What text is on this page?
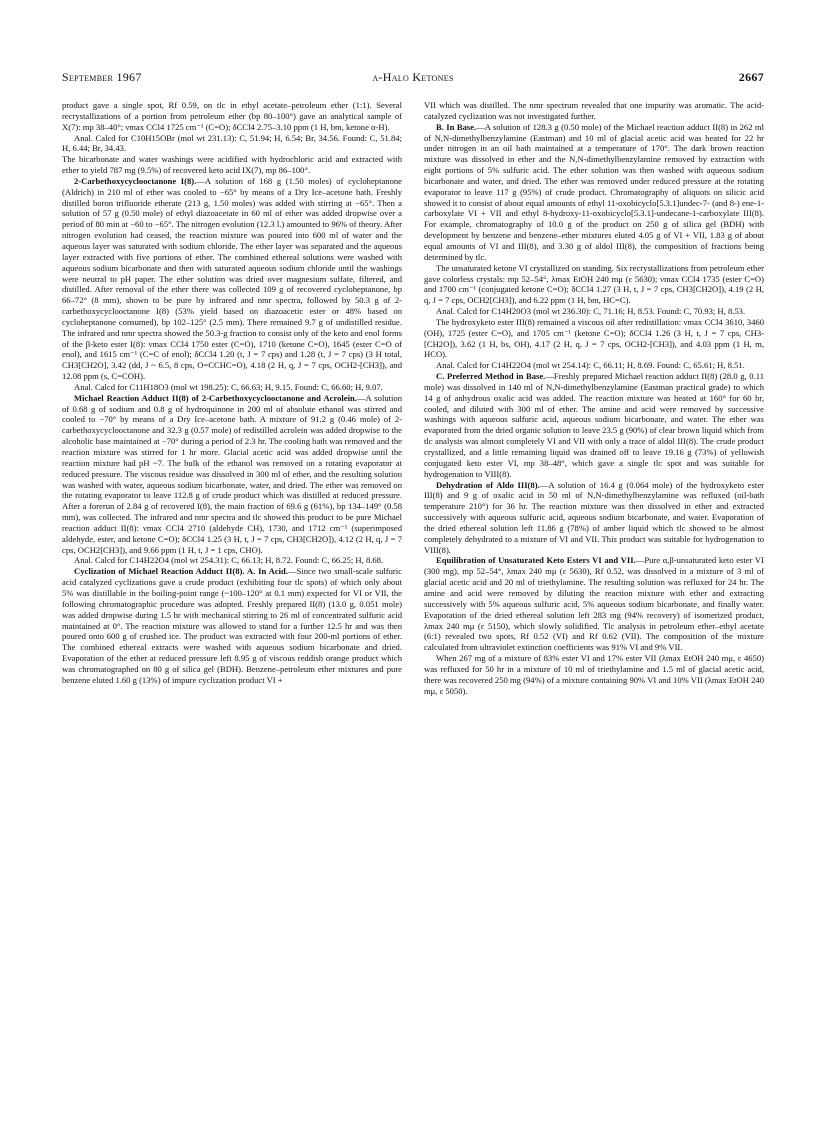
September 1967	α-Halo Ketones	2667

product gave a single spot, Rf 0.59, on tlc in ethyl acetate–petroleum ether (1:1). Several recrystallizations of a portion from petroleum ether (bp 80–100°) gave an analytical sample of X(7): mp 38–40°; νmax CCl4 1725 cm⁻¹ (C=O); δCCl4 2.75–3.10 ppm (1 H, bm, ketone α-H).

Anal. Calcd for C10H15OBr (mol wt 231.13): C, 51.94; H, 6.54; Br, 34.56. Found: C, 51.84; H, 6.44; Br, 34.43.

The bicarbonate and water washings were acidified with hydrochloric acid and extracted with ether to yield 787 mg (9.5%) of recovered keto acid IX(7), mp 86–100°.

2-Carbethoxycyclooctanone I(8).—A solution of 168 g (1.50 moles) of cycloheptanone (Aldrich) in 210 ml of ether was cooled to −65° by means of a Dry Ice–acetone bath. Freshly distilled boron trifluoride etherate (213 g, 1.50 moles) was added with stirring at −65°. Then a solution of 57 g (0.50 mole) of ethyl diazoacetate in 60 ml of ether was added dropwise over a period of 80 min at −60 to −65°. The nitrogen evolution (12.3 l.) amounted to 96% of theory. After nitrogen evolution had ceased, the reaction mixture was poured into 600 ml of water and the aqueous layer was saturated with sodium chloride. The ether layer was separated and the aqueous layer extracted with five portions of ether. The combined ethereal solutions were washed with aqueous sodium bicarbonate and then with saturated aqueous sodium chloride until the washings were neutral to pH paper. The ether solution was dried over magnesium sulfate, filtered, and distilled. After removal of the ether there was collected 109 g of recovered cycloheptanone, bp 66–72° (8 mm), shown to be pure by infrared and nmr spectra, followed by 50.3 g of 2-carbethoxycyclooctanone I(8) (53% yield based on diazoacetic ester or 48% based on cycloheptanone consumed), bp 102–125° (2.5 mm). There remained 9.7 g of undistilled residue. The infrared and nmr spectra showed the 50.3-g fraction to consist only of the keto and enol forms of the β-keto ester I(8): νmax CCl4 1750 ester (C=O), 1710 (ketone C=O), 1645 (ester C=O of enol), and 1615 cm⁻¹ (C=C of enol); δCCl4 1.20 (t, J = 7 cps) and 1.28 (t, J = 7 cps) (3 H total, CH3[CH2O], 3.42 (dd, J ~ 6.5, 8 cps, O=CCHC=O), 4.18 (2 H, q, J = 7 cps, OCH2-[CH3]), and 12.08 ppm (s, C=COH).

Anal. Calcd for C11H18O3 (mol wt 198.25): C, 66.63; H, 9.15. Found: C, 66.60; H, 9.07.

Michael Reaction Adduct II(8) of 2-Carbethoxycyclooctanone and Acrolein.—A solution of 0.68 g of sodium and 0.8 g of hydroquinone in 200 ml of absolute ethanol was stirred and cooled to −70° by means of a Dry Ice–acetone bath. A mixture of 91.2 g (0.46 mole) of 2-carbethoxycyclooctanone and 32.3 g (0.57 mole) of redistilled acrolein was added dropwise to the alcoholic base maintained at −70° during a period of 2.3 hr. The cooling bath was removed and the reaction mixture was stirred for 1 hr more. Glacial acetic acid was added dropwise until the reaction mixture had pH ~7. The bulk of the ethanol was removed on a rotating evaporator at reduced pressure. The viscous residue was dissolved in 300 ml of ether, and the resulting solution was washed with water, aqueous sodium bicarbonate, water, and dried. The ether was removed on the rotating evaporator to leave 112.8 g of crude product which was distilled at reduced pressure. After a forerun of 2.84 g of recovered I(8), the main fraction of 69.6 g (61%), bp 134–149° (0.58 mm), was collected. The infrared and nmr spectra and tlc showed this product to be pure Michael reaction adduct II(8): νmax CCl4 2710 (aldehyde CH), 1730, and 1712 cm⁻¹ (superimposed aldehyde, ester, and ketone C=O); δCCl4 1.25 (3 H, t, J = 7 cps, CH3[CH2O]), 4.12 (2 H, q, J = 7 cps, OCH2[CH3]), and 9.66 ppm (1 H, t, J = 1 cps, CHO).

Anal. Calcd for C14H22O4 (mol wt 254.31): C, 66.13; H, 8.72. Found: C, 66.25; H, 8.68.

Cyclization of Michael Reaction Adduct II(8). A. In Acid.—Since two small-scale sulfuric acid catalyzed cyclizations gave a crude product (exhibiting four tlc spots) of which only about 5% was distillable in the boiling-point range (~100–120° at 0.1 mm) expected for VI or VII, the following chromatographic procedure was adopted. Freshly prepared II(8) (13.0 g, 0.051 mole) was added dropwise during 1.5 hr with mechanical stirring to 26 ml of concentrated sulfuric acid maintained at 0°. The reaction mixture was allowed to stand for a further 12.5 hr and was then poured onto 600 g of crushed ice. The product was extracted with four 200-ml portions of ether. The combined ethereal extracts were washed with aqueous sodium bicarbonate and dried. Evaporation of the ether at reduced pressure left 8.95 g of viscous reddish orange product which was chromatographed on 80 g of silica gel (BDH). Benzene–petroleum ether mixtures and pure benzene eluted 1.60 g (13%) of impure cyclization product VI +

VII which was distilled. The nmr spectrum revealed that one impurity was aromatic. The acid-catalyzed cyclization was not investigated further.

B. In Base.—A solution of 128.3 g (0.50 mole) of the Michael reaction adduct II(8) in 262 ml of N,N-dimethylbenzylamine (Eastman) and 10 ml of glacial acetic acid was heated for 22 hr under nitrogen in an oil bath maintained at a temperature of 170°. The dark brown reaction mixture was dissolved in ether and the N,N-dimethylbenzylamine removed by extraction with eight portions of 5% sulfuric acid. The ether solution was then washed with aqueous sodium bicarbonate and water, and dried. The ether was removed under reduced pressure at the rotating evaporator to leave 117 g (95%) of crude product. Chromatography of aliquots on silicic acid showed it to consist of about equal amounts of ethyl 11-oxobicyclo[5.3.1]undec-7- (and 8-) ene-1-carboxylate VI + VII and ethyl 8-hydroxy-11-oxobicyclo[5.3.1]-undecane-1-carboxylate III(8). For example, chromatography of 10.0 g of the product on 250 g of silica gel (BDH) with development by benzene and benzene–ether mixtures eluted 4.05 g of VI + VII, 1.83 g of about equal amounts of VI and III(8), and 3.30 g of aldol III(8), the composition of fractions being determined by tlc.

The unsaturated ketone VI crystallized on standing. Six recrystallizations from petroleum ether gave colorless crystals: mp 52–54°, λmax EtOH 240 mμ (ε 5630); νmax CCl4 1735 (ester C=O) and 1700 cm⁻¹ (conjugated ketone C=O); δCCl4 1.27 (3 H, t, J = 7 cps, CH3[CH2O]), 4.19 (2 H, q, J = 7 cps, OCH2[CH3]), and 6.22 ppm (1 H, bm, HC=C).

Anal. Calcd for C14H20O3 (mol wt 236.30): C, 71.16; H, 8.53. Found: C, 70.93; H, 8.53.

The hydroxyketo ester III(8) remained a viscous oil after redistillation: νmax CCl4 3610, 3460 (OH), 1725 (ester C=O), and 1705 cm⁻¹ (ketone C=O); δCCl4 1.26 (3 H, t, J = 7 cps, CH3-[CH2O]), 3.62 (1 H, bs, OH), 4.17 (2 H, q, J = 7 cps, OCH2-[CH3]), and 4.03 ppm (1 H, m, HCO).

Anal. Calcd for C14H22O4 (mol wt 254.14): C, 66.11; H, 8.69. Found: C, 65.61; H, 8.51.

C. Preferred Method in Base.—Freshly prepared Michael reaction adduct II(8) (28.0 g, 0.11 mole) was dissolved in 140 ml of N,N-dimethylbenzylamine (Eastman practical grade) to which 14 g of anhydrous oxalic acid was added. The reaction mixture was heated at 160° for 60 hr, cooled, and diluted with 300 ml of ether. The amine and acid were removed by successive washings with aqueous sulfuric acid, aqueous sodium bicarbonate, and water. The ether was evaporated from the dried organic solution to leave 23.5 g (90%) of clear brown liquid which from tlc analysis was almost completely VI and VII with only a trace of aldol III(8). The crude product crystallized, and a little remaining liquid was drained off to leave 19.16 g (73%) of yellowish conjugated keto ester VI, mp 38–48°, which gave a single tlc spot and was suitable for hydrogenation to VIII(8).

Dehydration of Aldo III(8).—A solution of 16.4 g (0.064 mole) of the hydroxyketo ester III(8) and 9 g of oxalic acid in 50 ml of N,N-dimethylbenzylamine was refluxed (oil-bath temperature 210°) for 36 hr. The reaction mixture was then dissolved in ether and extracted successively with aqueous sulfuric acid, aqueous sodium bicarbonate, and water. Evaporation of the dried ethereal solution left 11.86 g (78%) of amber liquid which tlc showed to be almost completely dehydrated to a mixture of VI and VII. This product was suitable for hydrogenation to VIII(8).

Equilibration of Unsaturated Keto Esters VI and VII.—Pure α,β-unsaturated keto ester VI (300 mg), mp 52–54°, λmax 240 mμ (ε 5630), Rf 0.52, was dissolved in a mixture of 3 ml of glacial acetic acid and 20 ml of triethylamine. The resulting solution was refluxed for 24 hr. The amine and acid were removed by diluting the reaction mixture with ether and extracting successively with 5% aqueous sulfuric acid, 5% aqueous sodium bicarbonate, and finally water. Evaporation of the dried ethereal solution left 283 mg (94% recovery) of isomerized product, λmax 240 mμ (ε 5150), which slowly solidified. Tlc analysis in petroleum ether–ethyl acetate (6:1) revealed two spots, Rf 0.52 (VI) and Rf 0.62 (VII). The composition of the mixture calculated from ultraviolet extinction coefficients was 91% VI and 9% VII.

When 267 mg of a mixture of 83% ester VI and 17% ester VII (λmax EtOH 240 mμ, ε 4650) was refluxed for 50 hr in a mixture of 10 ml of triethylamine and 1.5 ml of glacial acetic acid, there was recovered 250 mg (94%) of a mixture containing 90% VI and 10% VII (λmax EtOH 240 mμ, ε 5050).
